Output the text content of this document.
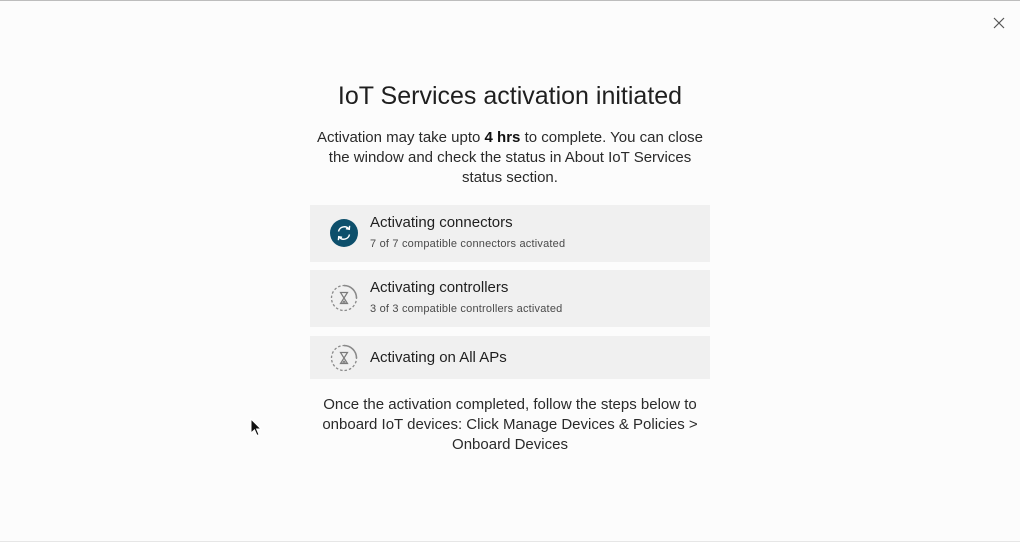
IoT Services activation initiated
Activation may take upto 4 hrs to complete. You can close the window and check the status in About IoT Services status section.
Activating connectors
7 of 7 compatible connectors activated
Activating controllers
3 of 3 compatible controllers activated
Activating on All APs
Once the activation completed, follow the steps below to onboard IoT devices: Click Manage Devices & Policies > Onboard Devices
